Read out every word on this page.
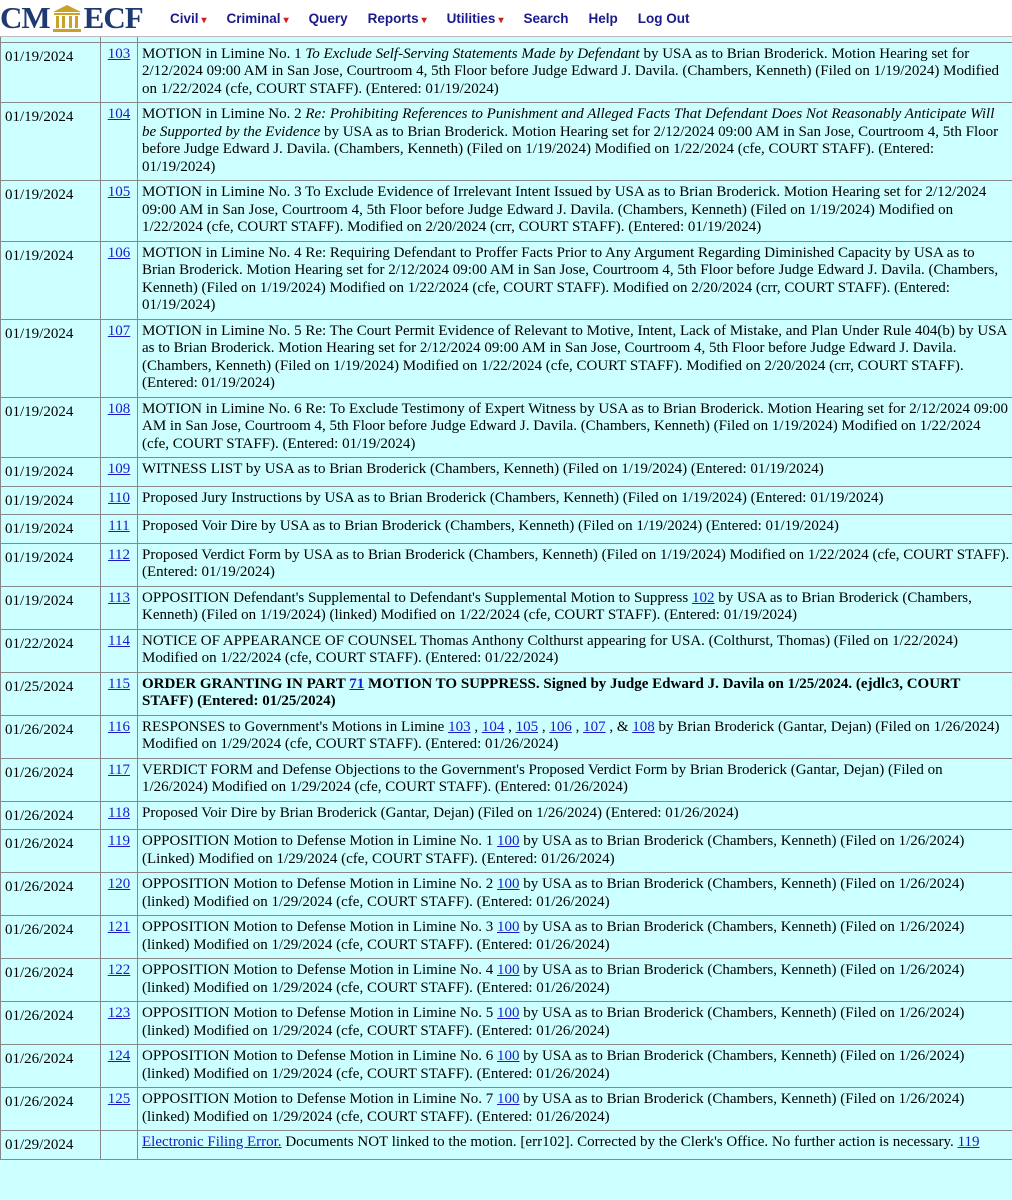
CM ECF Civil ▾ Criminal ▾ Query Reports ▾ Utilities ▾ Search Help Log Out

01/19/2024	103	MOTION in Limine No. 1 To Exclude Self-Serving Statements Made by Defendant by USA as to Brian Broderick. Motion Hearing set for 2/12/2024 09:00 AM in San Jose, Courtroom 4, 5th Floor before Judge Edward J. Davila. (Chambers, Kenneth) (Filed on 1/19/2024) Modified on 1/22/2024 (cfe, COURT STAFF). (Entered: 01/19/2024)

01/19/2024	104	MOTION in Limine No. 2 Re: Prohibiting References to Punishment and Alleged Facts That Defendant Does Not Reasonably Anticipate Will be Supported by the Evidence by USA as to Brian Broderick. Motion Hearing set for 2/12/2024 09:00 AM in San Jose, Courtroom 4, 5th Floor before Judge Edward J. Davila. (Chambers, Kenneth) (Filed on 1/19/2024) Modified on 1/22/2024 (cfe, COURT STAFF). (Entered: 01/19/2024)

01/19/2024	105	MOTION in Limine No. 3 To Exclude Evidence of Irrelevant Intent Issued by USA as to Brian Broderick. Motion Hearing set for 2/12/2024 09:00 AM in San Jose, Courtroom 4, 5th Floor before Judge Edward J. Davila. (Chambers, Kenneth) (Filed on 1/19/2024) Modified on 1/22/2024 (cfe, COURT STAFF). Modified on 2/20/2024 (crr, COURT STAFF). (Entered: 01/19/2024)

01/19/2024	106	MOTION in Limine No. 4 Re: Requiring Defendant to Proffer Facts Prior to Any Argument Regarding Diminished Capacity by USA as to Brian Broderick. Motion Hearing set for 2/12/2024 09:00 AM in San Jose, Courtroom 4, 5th Floor before Judge Edward J. Davila. (Chambers, Kenneth) (Filed on 1/19/2024) Modified on 1/22/2024 (cfe, COURT STAFF). Modified on 2/20/2024 (crr, COURT STAFF). (Entered: 01/19/2024)

01/19/2024	107	MOTION in Limine No. 5 Re: The Court Permit Evidence of Relevant to Motive, Intent, Lack of Mistake, and Plan Under Rule 404(b) by USA as to Brian Broderick. Motion Hearing set for 2/12/2024 09:00 AM in San Jose, Courtroom 4, 5th Floor before Judge Edward J. Davila. (Chambers, Kenneth) (Filed on 1/19/2024) Modified on 1/22/2024 (cfe, COURT STAFF). Modified on 2/20/2024 (crr, COURT STAFF). (Entered: 01/19/2024)

01/19/2024	108	MOTION in Limine No. 6 Re: To Exclude Testimony of Expert Witness by USA as to Brian Broderick. Motion Hearing set for 2/12/2024 09:00 AM in San Jose, Courtroom 4, 5th Floor before Judge Edward J. Davila. (Chambers, Kenneth) (Filed on 1/19/2024) Modified on 1/22/2024 (cfe, COURT STAFF). (Entered: 01/19/2024)

01/19/2024	109	WITNESS LIST by USA as to Brian Broderick (Chambers, Kenneth) (Filed on 1/19/2024) (Entered: 01/19/2024)

01/19/2024	110	Proposed Jury Instructions by USA as to Brian Broderick (Chambers, Kenneth) (Filed on 1/19/2024) (Entered: 01/19/2024)

01/19/2024	111	Proposed Voir Dire by USA as to Brian Broderick (Chambers, Kenneth) (Filed on 1/19/2024) (Entered: 01/19/2024)

01/19/2024	112	Proposed Verdict Form by USA as to Brian Broderick (Chambers, Kenneth) (Filed on 1/19/2024) Modified on 1/22/2024 (cfe, COURT STAFF). (Entered: 01/19/2024)

01/19/2024	113	OPPOSITION Defendant's Supplemental to Defendant's Supplemental Motion to Suppress 102 by USA as to Brian Broderick (Chambers, Kenneth) (Filed on 1/19/2024) (linked) Modified on 1/22/2024 (cfe, COURT STAFF). (Entered: 01/19/2024)

01/22/2024	114	NOTICE OF APPEARANCE OF COUNSEL Thomas Anthony Colthurst appearing for USA. (Colthurst, Thomas) (Filed on 1/22/2024) Modified on 1/22/2024 (cfe, COURT STAFF). (Entered: 01/22/2024)

01/25/2024	115	ORDER GRANTING IN PART 71 MOTION TO SUPPRESS. Signed by Judge Edward J. Davila on 1/25/2024. (ejdlc3, COURT STAFF) (Entered: 01/25/2024)

01/26/2024	116	RESPONSES to Government's Motions in Limine 103 , 104 , 105 , 106 , 107 , & 108 by Brian Broderick (Gantar, Dejan) (Filed on 1/26/2024) Modified on 1/29/2024 (cfe, COURT STAFF). (Entered: 01/26/2024)

01/26/2024	117	VERDICT FORM and Defense Objections to the Government's Proposed Verdict Form by Brian Broderick (Gantar, Dejan) (Filed on 1/26/2024) Modified on 1/29/2024 (cfe, COURT STAFF). (Entered: 01/26/2024)

01/26/2024	118	Proposed Voir Dire by Brian Broderick (Gantar, Dejan) (Filed on 1/26/2024) (Entered: 01/26/2024)

01/26/2024	119	OPPOSITION Motion to Defense Motion in Limine No. 1 100 by USA as to Brian Broderick (Chambers, Kenneth) (Filed on 1/26/2024) (Linked) Modified on 1/29/2024 (cfe, COURT STAFF). (Entered: 01/26/2024)

01/26/2024	120	OPPOSITION Motion to Defense Motion in Limine No. 2 100 by USA as to Brian Broderick (Chambers, Kenneth) (Filed on 1/26/2024) (linked) Modified on 1/29/2024 (cfe, COURT STAFF). (Entered: 01/26/2024)

01/26/2024	121	OPPOSITION Motion to Defense Motion in Limine No. 3 100 by USA as to Brian Broderick (Chambers, Kenneth) (Filed on 1/26/2024) (linked) Modified on 1/29/2024 (cfe, COURT STAFF). (Entered: 01/26/2024)

01/26/2024	122	OPPOSITION Motion to Defense Motion in Limine No. 4 100 by USA as to Brian Broderick (Chambers, Kenneth) (Filed on 1/26/2024) (linked) Modified on 1/29/2024 (cfe, COURT STAFF). (Entered: 01/26/2024)

01/26/2024	123	OPPOSITION Motion to Defense Motion in Limine No. 5 100 by USA as to Brian Broderick (Chambers, Kenneth) (Filed on 1/26/2024) (linked) Modified on 1/29/2024 (cfe, COURT STAFF). (Entered: 01/26/2024)

01/26/2024	124	OPPOSITION Motion to Defense Motion in Limine No. 6 100 by USA as to Brian Broderick (Chambers, Kenneth) (Filed on 1/26/2024) (linked) Modified on 1/29/2024 (cfe, COURT STAFF). (Entered: 01/26/2024)

01/26/2024	125	OPPOSITION Motion to Defense Motion in Limine No. 7 100 by USA as to Brian Broderick (Chambers, Kenneth) (Filed on 1/26/2024) (linked) Modified on 1/29/2024 (cfe, COURT STAFF). (Entered: 01/26/2024)

01/29/2024		Electronic Filing Error. Documents NOT linked to the motion. [err102]. Corrected by the Clerk's Office. No further action is necessary. 119
